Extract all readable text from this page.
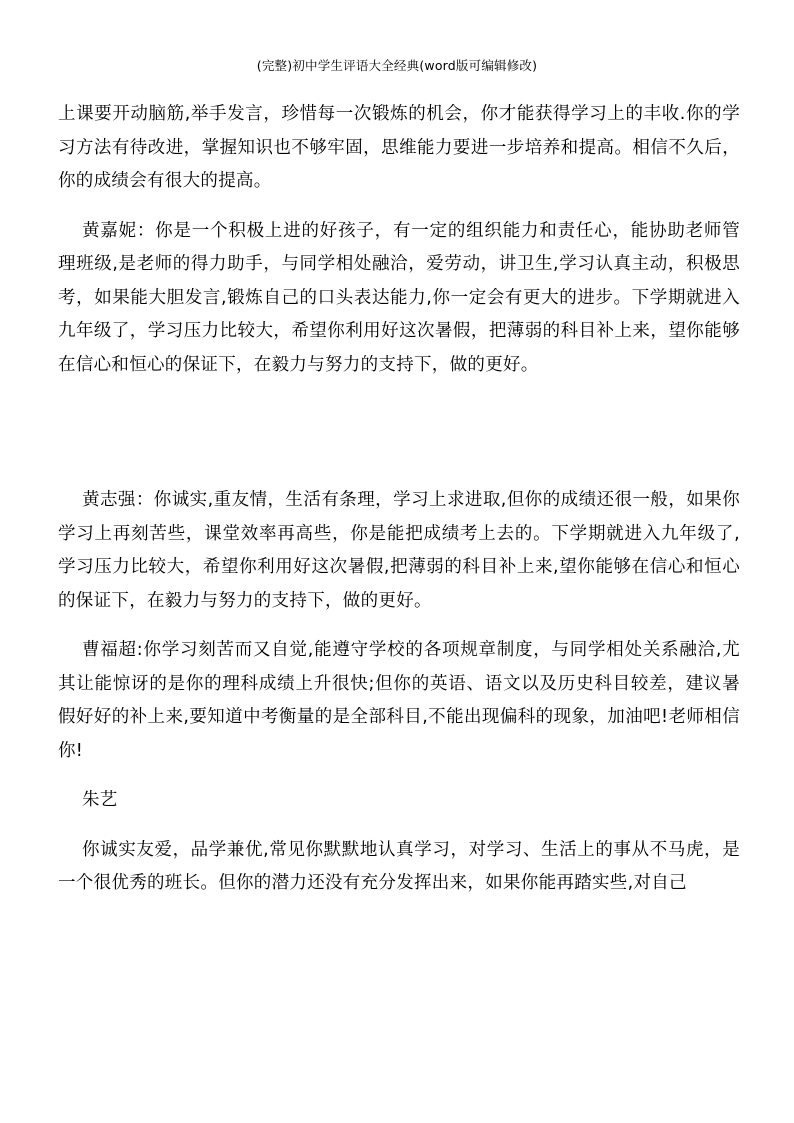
(完整)初中学生评语大全经典(word版可编辑修改)

上课要开动脑筋,举手发言，珍惜每一次锻炼的机会，你才能获得学习上的丰收.你的学习方法有待改进，掌握知识也不够牢固，思维能力要进一步培养和提高。相信不久后，你的成绩会有很大的提高。

黄嘉妮：你是一个积极上进的好孩子，有一定的组织能力和责任心，能协助老师管理班级,是老师的得力助手，与同学相处融洽，爱劳动，讲卫生,学习认真主动，积极思考，如果能大胆发言,锻炼自己的口头表达能力,你一定会有更大的进步。下学期就进入九年级了，学习压力比较大，希望你利用好这次暑假，把薄弱的科目补上来，望你能够在信心和恒心的保证下，在毅力与努力的支持下，做的更好。

黄志强：你诚实,重友情，生活有条理，学习上求进取,但你的成绩还很一般，如果你学习上再刻苦些，课堂效率再高些，你是能把成绩考上去的。下学期就进入九年级了,学习压力比较大，希望你利用好这次暑假,把薄弱的科目补上来,望你能够在信心和恒心的保证下，在毅力与努力的支持下，做的更好。

曹福超:你学习刻苦而又自觉,能遵守学校的各项规章制度，与同学相处关系融洽,尤其让能惊讶的是你的理科成绩上升很快;但你的英语、语文以及历史科目较差，建议暑假好好的补上来,要知道中考衡量的是全部科目,不能出现偏科的现象，加油吧!老师相信你!

朱艺

你诚实友爱，品学兼优,常见你默默地认真学习，对学习、生活上的事从不马虎，是一个很优秀的班长。但你的潜力还没有充分发挥出来，如果你能再踏实些,对自己
